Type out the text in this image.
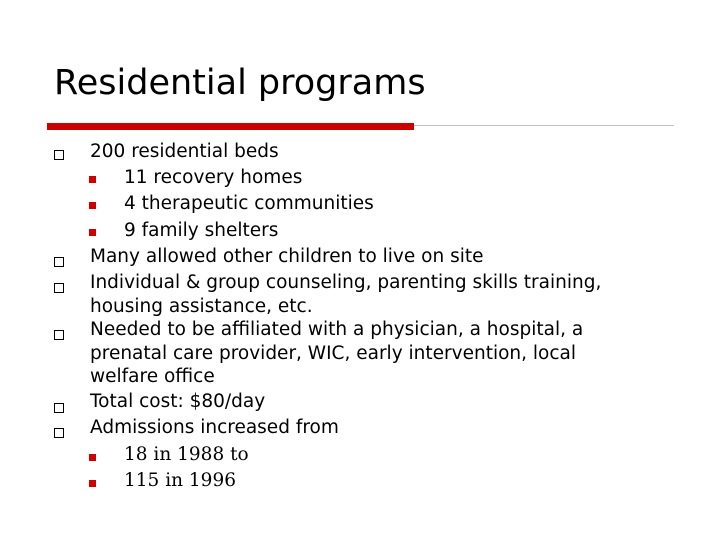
Residential programs
200 residential beds
11 recovery homes
4 therapeutic communities
9 family shelters
Many allowed other children to live on site
Individual & group counseling, parenting skills training,
housing assistance, etc.
Needed to be affiliated with a physician, a hospital, a
prenatal care provider, WIC, early intervention, local
welfare office
Total cost: $80/day
Admissions increased from
18 in 1988 to
115 in 1996
